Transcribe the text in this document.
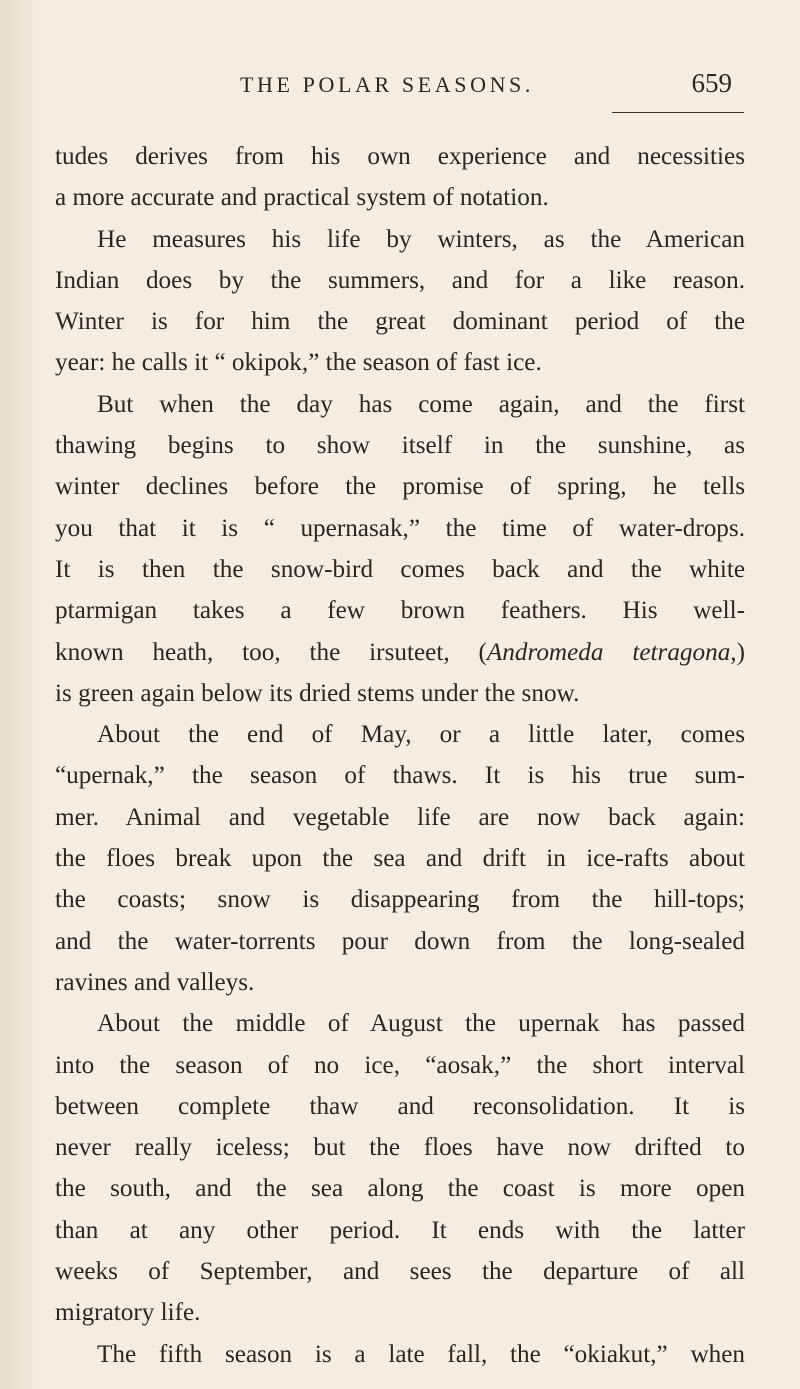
THE POLAR SEASONS.	659
tudes derives from his own experience and necessities
a more accurate and practical system of notation.
He measures his life by winters, as the American
Indian does by the summers, and for a like reason.
Winter is for him the great dominant period of the
year: he calls it “ okipok,” the season of fast ice.
But when the day has come again, and the first
thawing begins to show itself in the sunshine, as
winter declines before the promise of spring, he tells
you that it is “ upernasak,” the time of water-drops.
It is then the snow-bird comes back and the white
ptarmigan takes a few brown feathers. His well-
known heath, too, the irsuteet, (Andromeda tetragona,)
is green again below its dried stems under the snow.
About the end of May, or a little later, comes
“upernak,” the season of thaws. It is his true sum-
mer. Animal and vegetable life are now back again:
the floes break upon the sea and drift in ice-rafts about
the coasts; snow is disappearing from the hill-tops;
and the water-torrents pour down from the long-sealed
ravines and valleys.
About the middle of August the upernak has passed
into the season of no ice, “aosak,” the short interval
between complete thaw and reconsolidation. It is
never really iceless; but the floes have now drifted to
the south, and the sea along the coast is more open
than at any other period. It ends with the latter
weeks of September, and sees the departure of all
migratory life.
The fifth season is a late fall, the “okiakut,” when
